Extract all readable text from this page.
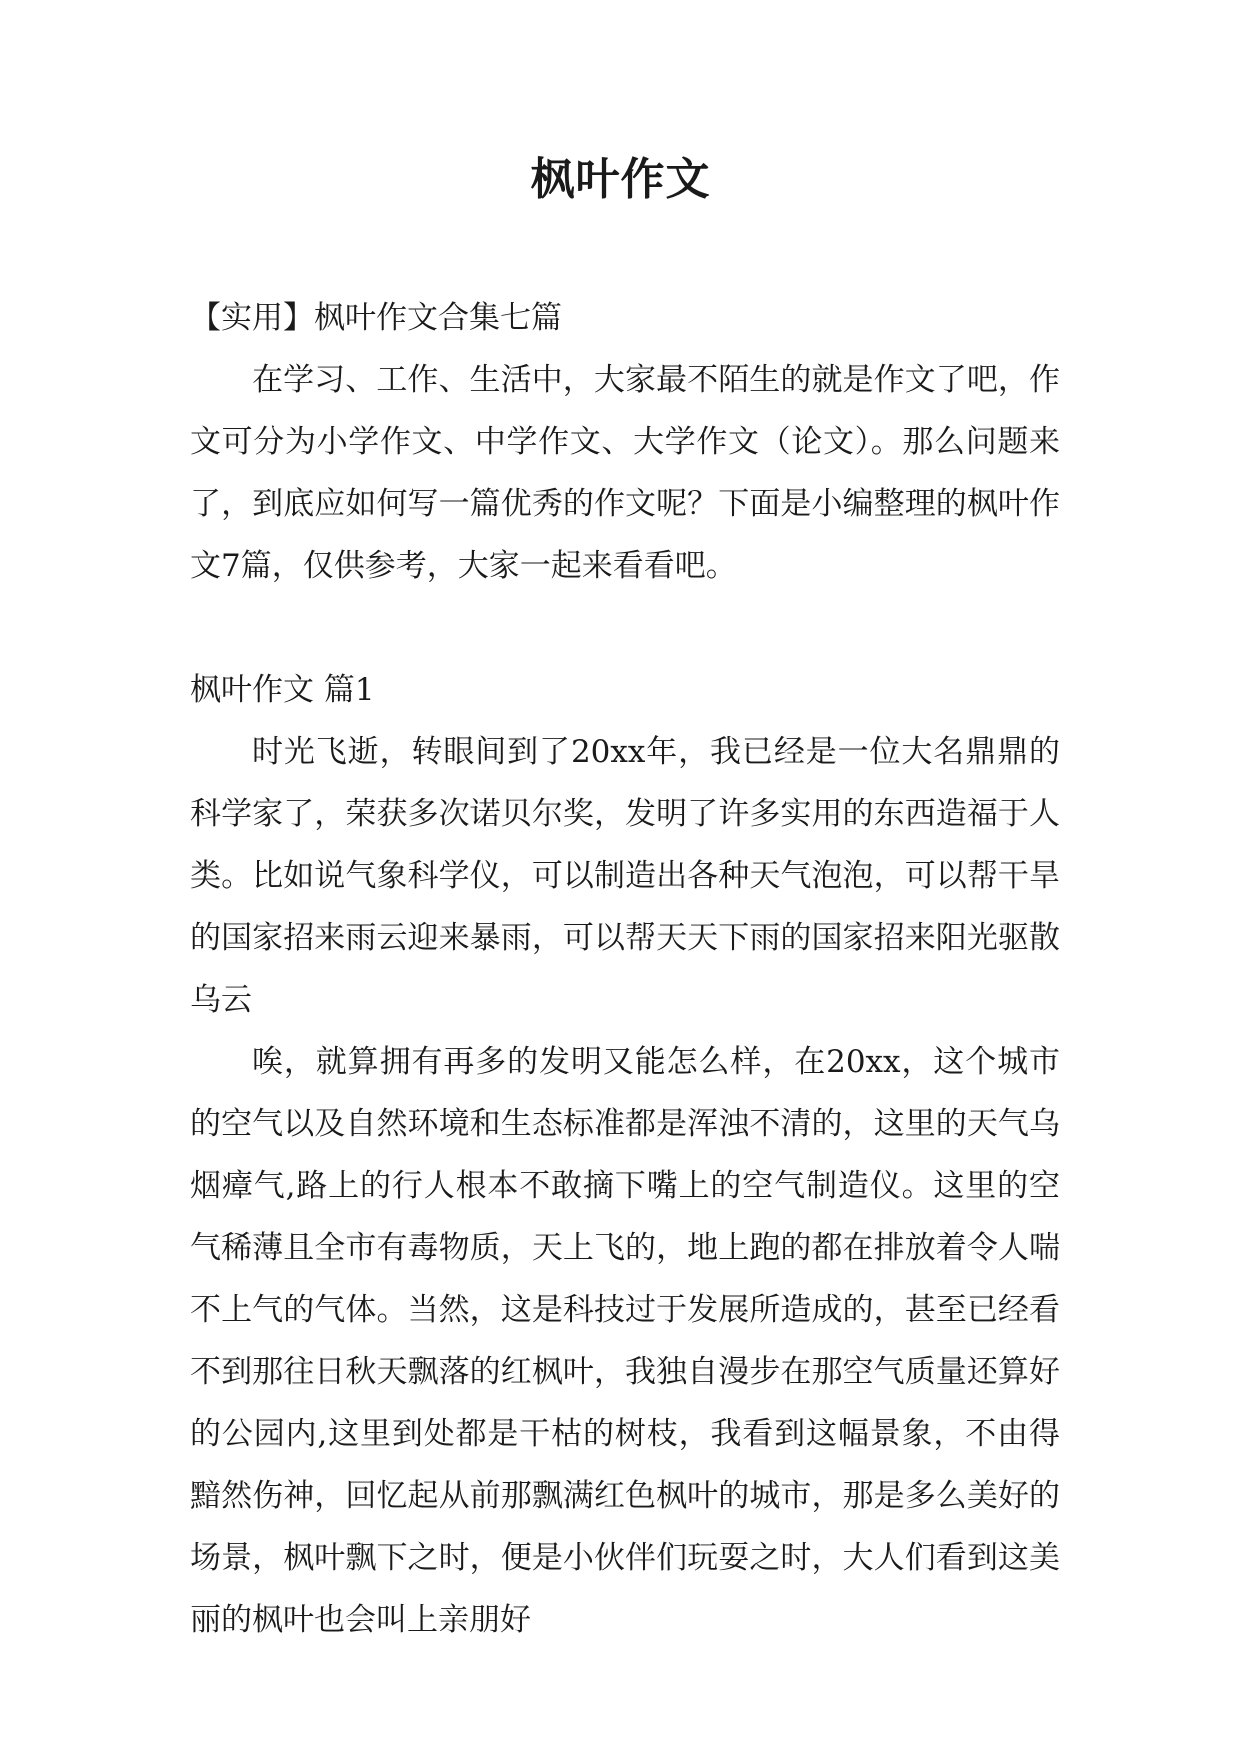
枫叶作文

【实用】枫叶作文合集七篇

在学习、工作、生活中，大家最不陌生的就是作文了吧，作文可分为小学作文、中学作文、大学作文（论文）。那么问题来了，到底应如何写一篇优秀的作文呢？下面是小编整理的枫叶作文7篇，仅供参考，大家一起来看看吧。

枫叶作文 篇1

时光飞逝，转眼间到了20xx年，我已经是一位大名鼎鼎的科学家了，荣获多次诺贝尔奖，发明了许多实用的东西造福于人类。比如说气象科学仪，可以制造出各种天气泡泡，可以帮干旱的国家招来雨云迎来暴雨，可以帮天天下雨的国家招来阳光驱散乌云

唉，就算拥有再多的发明又能怎么样，在20xx，这个城市的空气以及自然环境和生态标准都是浑浊不清的，这里的天气乌烟瘴气,路上的行人根本不敢摘下嘴上的空气制造仪。这里的空气稀薄且全市有毒物质，天上飞的，地上跑的都在排放着令人喘不上气的气体。当然，这是科技过于发展所造成的，甚至已经看不到那往日秋天飘落的红枫叶，我独自漫步在那空气质量还算好的公园内,这里到处都是干枯的树枝，我看到这幅景象，不由得黯然伤神，回忆起从前那飘满红色枫叶的城市，那是多么美好的场景，枫叶飘下之时，便是小伙伴们玩耍之时，大人们看到这美丽的枫叶也会叫上亲朋好
